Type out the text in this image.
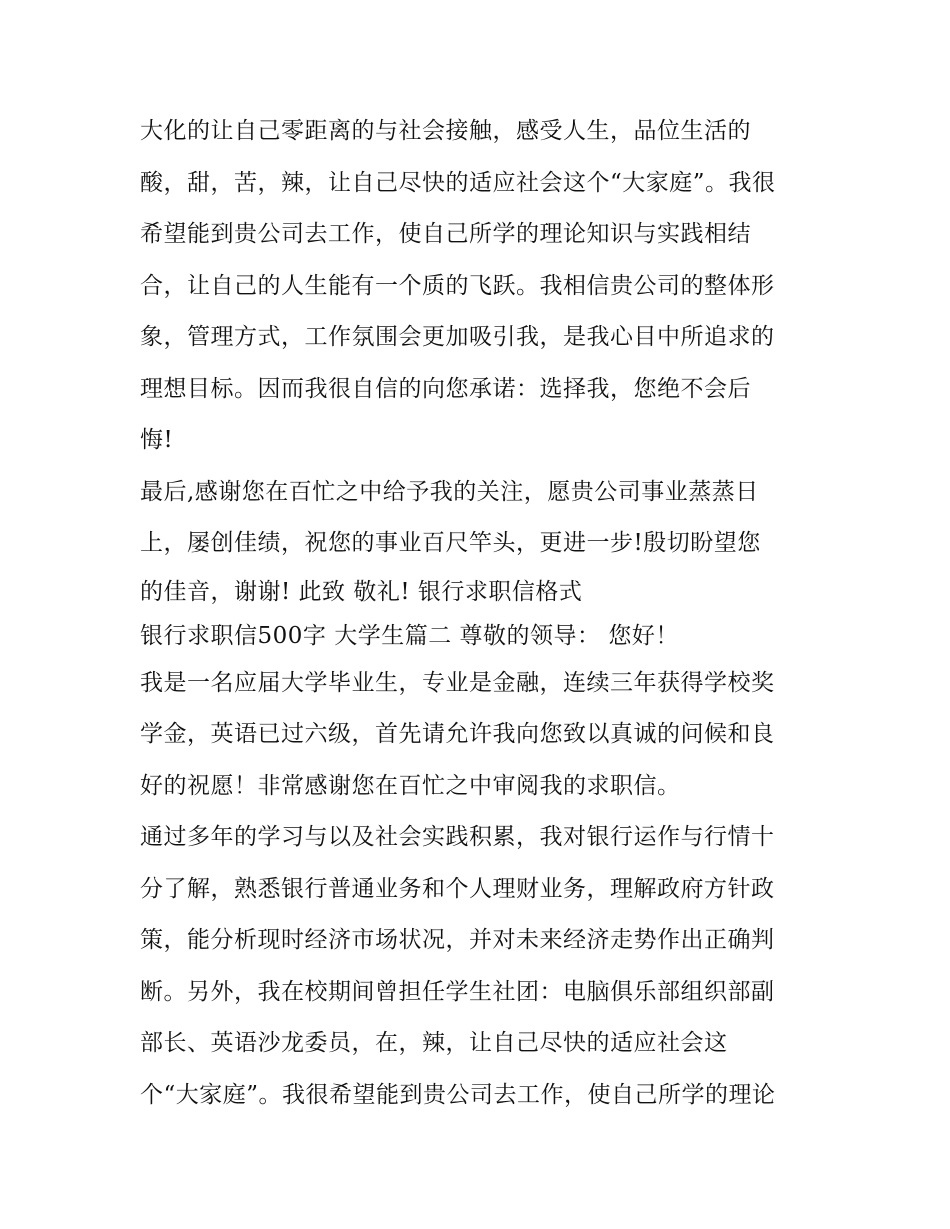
大化的让自己零距离的与社会接触，感受人生，品位生活的
酸，甜，苦，辣，让自己尽快的适应社会这个“大家庭”。我很
希望能到贵公司去工作，使自己所学的理论知识与实践相结
合，让自己的人生能有一个质的飞跃。我相信贵公司的整体形
象，管理方式，工作氛围会更加吸引我，是我心目中所追求的
理想目标。因而我很自信的向您承诺：选择我，您绝不会后
悔!
最后,感谢您在百忙之中给予我的关注，愿贵公司事业蒸蒸日
上，屡创佳绩，祝您的事业百尺竿头，更进一步!殷切盼望您
的佳音，谢谢! 此致 敬礼! 银行求职信格式
银行求职信500字 大学生篇二 尊敬的领导： 您好！
我是一名应届大学毕业生，专业是金融，连续三年获得学校奖
学金，英语已过六级，首先请允许我向您致以真诚的问候和良
好的祝愿！非常感谢您在百忙之中审阅我的求职信。
通过多年的学习与以及社会实践积累，我对银行运作与行情十
分了解，熟悉银行普通业务和个人理财业务，理解政府方针政
策，能分析现时经济市场状况，并对未来经济走势作出正确判
断。另外，我在校期间曾担任学生社团：电脑俱乐部组织部副
部长、英语沙龙委员，在，辣，让自己尽快的适应社会这
个“大家庭”。我很希望能到贵公司去工作，使自己所学的理论
